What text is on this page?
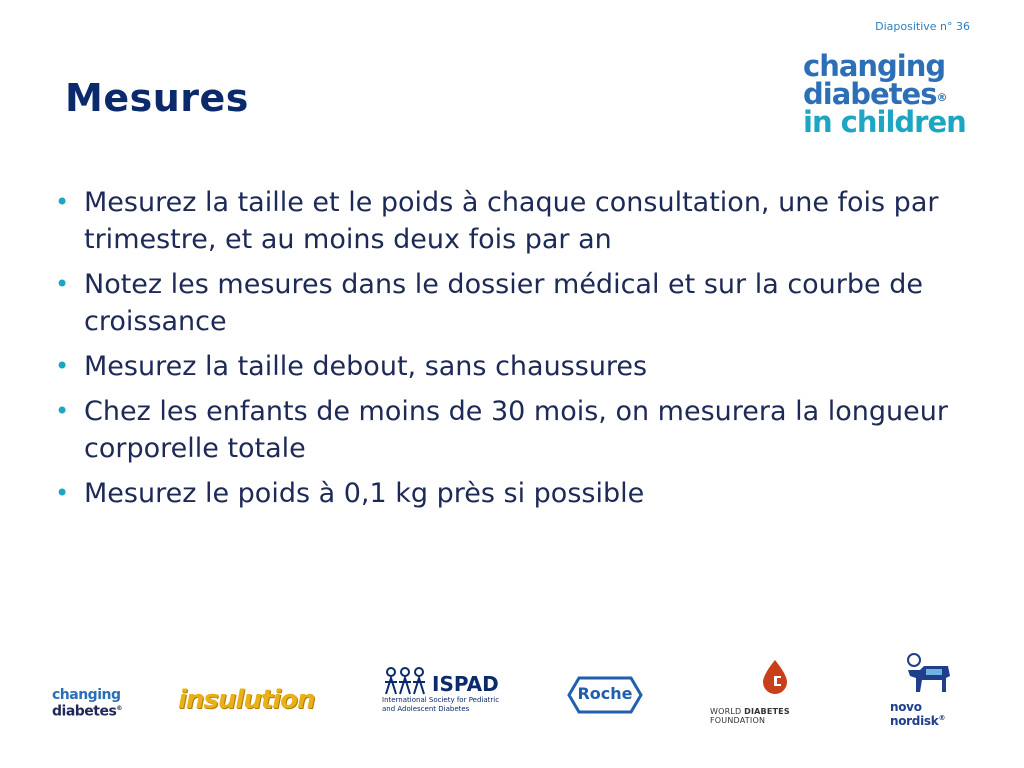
Diapositive n° 36
Mesures
changing
diabetes®
in children
• Mesurez la taille et le poids à chaque consultation, une fois par trimestre, et au moins deux fois par an
• Notez les mesures dans le dossier médical et sur la courbe de croissance
• Mesurez la taille debout, sans chaussures
• Chez les enfants de moins de 30 mois, on mesurera la longueur corporelle totale
• Mesurez le poids à 0,1 kg près si possible
changing
diabetes® insulution
ISPAD
International Society for Pediatric
and Adolescent Diabetes
Roche
WORLD DIABETES FOUNDATION
novo nordisk®
